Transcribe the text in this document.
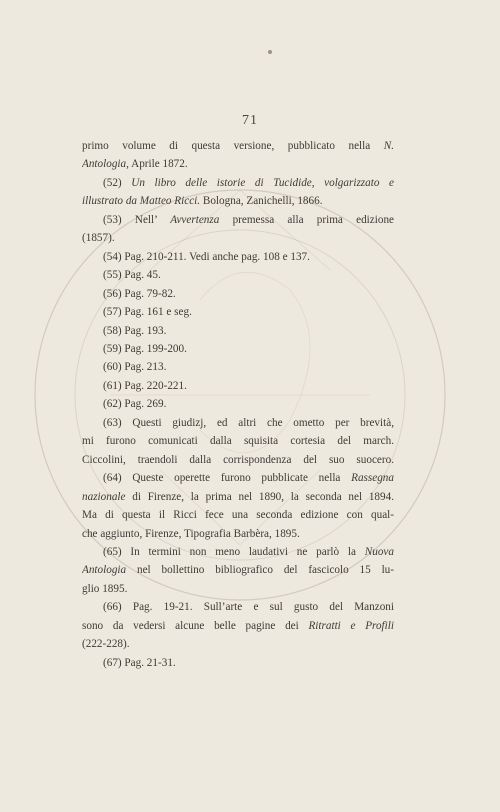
71
primo volume di questa versione, pubblicato nella N.
Antologia, Aprile 1872.
(52) Un libro delle istorie di Tucidide, volgarizzato e
illustrato da Matteo Ricci. Bologna, Zanichelli, 1866.
(53) Nell’ Avvertenza premessa alla prima edizione
(1857).
(54) Pag. 210-211. Vedi anche pag. 108 e 137.
(55) Pag. 45.
(56) Pag. 79-82.
(57) Pag. 161 e seg.
(58) Pag. 193.
(59) Pag. 199-200.
(60) Pag. 213.
(61) Pag. 220-221.
(62) Pag. 269.
(63) Questi giudizj, ed altri che ometto per brevità,
mi furono comunicati dalla squisita cortesia del march.
Ciccolini, traendoli dalla corrispondenza del suo suocero.
(64) Queste operette furono pubblicate nella Rassegna
nazionale di Firenze, la prima nel 1890, la seconda nel 1894.
Ma di questa il Ricci fece una seconda edizione con qual-
che aggiunto, Firenze, Tipografia Barbèra, 1895.
(65) In termini non meno laudativi ne parlò la Nuova
Antologia nel bollettino bibliografico del fascicolo 15 lu-
glio 1895.
(66) Pag. 19-21. Sull’arte e sul gusto del Manzoni
sono da vedersi alcune belle pagine dei Ritratti e Profili
(222-228).
(67) Pag. 21-31.
